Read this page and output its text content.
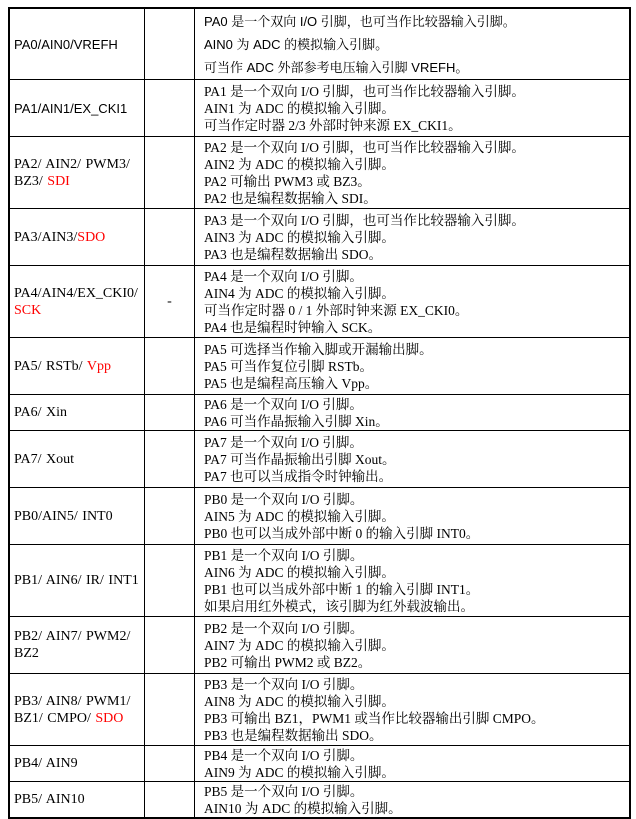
PA0/AIN0/VREFH
PA0 是一个双向 I/O 引脚，也可当作比较器输入引脚。
AIN0 为 ADC 的模拟输入引脚。
可当作 ADC 外部参考电压输入引脚 VREFH。
PA1/AIN1/EX_CKI1
PA1 是一个双向 I/O 引脚，也可当作比较器输入引脚。
AIN1 为 ADC 的模拟输入引脚。
可当作定时器 2/3 外部时钟来源 EX_CKI1。
PA2/ AIN2/ PWM3/
BZ3/ SDI
PA2 是一个双向 I/O 引脚，也可当作比较器输入引脚。
AIN2 为 ADC 的模拟输入引脚。
PA2 可输出 PWM3 或 BZ3。
PA2 也是编程数据输入 SDI。
PA3/AIN3/SDO
PA3 是一个双向 I/O 引脚，也可当作比较器输入引脚。
AIN3 为 ADC 的模拟输入引脚。
PA3 也是编程数据输出 SDO。
PA4/AIN4/EX_CKI0/
SCK
-
PA4 是一个双向 I/O 引脚。
AIN4 为 ADC 的模拟输入引脚。
可当作定时器 0 / 1 外部时钟来源 EX_CKI0。
PA4 也是编程时钟输入 SCK。
PA5/ RSTb/ Vpp
PA5 可选择当作输入脚或开漏输出脚。
PA5 可当作复位引脚 RSTb。
PA5 也是编程高压输入 Vpp。
PA6/ Xin
PA6 是一个双向 I/O 引脚。
PA6 可当作晶振输入引脚 Xin。
PA7/ Xout
PA7 是一个双向 I/O 引脚。
PA7 可当作晶振输出引脚 Xout。
PA7 也可以当成指令时钟输出。
PB0/AIN5/ INT0
PB0 是一个双向 I/O 引脚。
AIN5 为 ADC 的模拟输入引脚。
PB0 也可以当成外部中断 0 的输入引脚 INT0。
PB1/ AIN6/ IR/ INT1
PB1 是一个双向 I/O 引脚。
AIN6 为 ADC 的模拟输入引脚。
PB1 也可以当成外部中断 1 的输入引脚 INT1。
如果启用红外模式，该引脚为红外载波输出。
PB2/ AIN7/ PWM2/
BZ2
PB2 是一个双向 I/O 引脚。
AIN7 为 ADC 的模拟输入引脚。
PB2 可输出 PWM2 或 BZ2。
PB3/ AIN8/ PWM1/
BZ1/ CMPO/ SDO
PB3 是一个双向 I/O 引脚。
AIN8 为 ADC 的模拟输入引脚。
PB3 可输出 BZ1，PWM1 或当作比较器输出引脚 CMPO。
PB3 也是编程数据输出 SDO。
PB4/ AIN9
PB4 是一个双向 I/O 引脚。
AIN9 为 ADC 的模拟输入引脚。
PB5/ AIN10
PB5 是一个双向 I/O 引脚。
AIN10 为 ADC 的模拟输入引脚。
